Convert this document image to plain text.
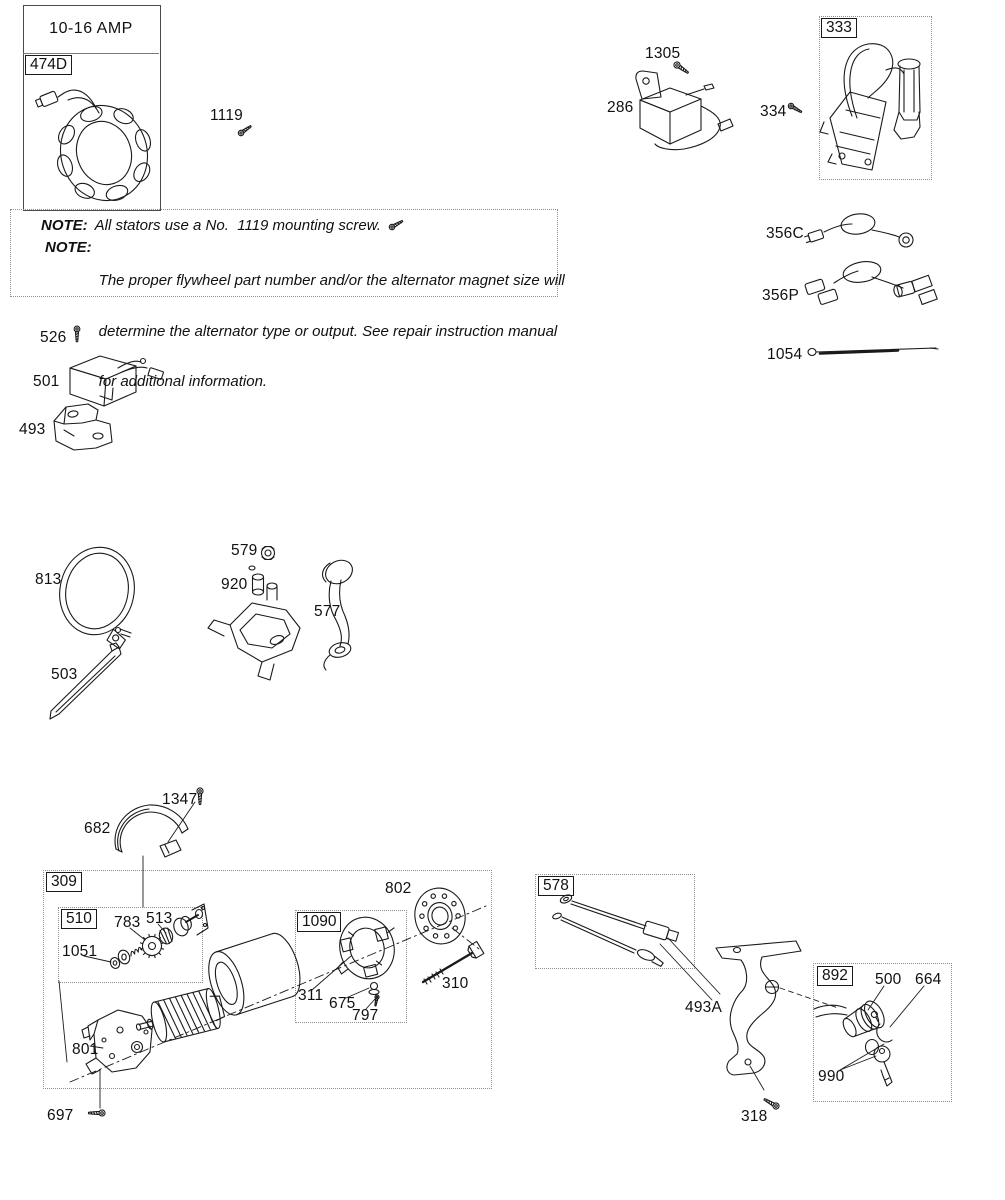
NOTE: All stators use a No.  1119 mounting screw.
NOTE:

The proper flywheel part number and/or the alternator magnet size will

determine the alternator type or output. See repair instruction manual

for additional information.

10-16 AMP
474D
333
309
510	1090
578
892
1119
1305
286	334
356C
356P
1054
526
501
493
813
579
920
577
503
1347
682
802
783 513
1051
311 675
797
310
801
697
493A
500 664
990
318
